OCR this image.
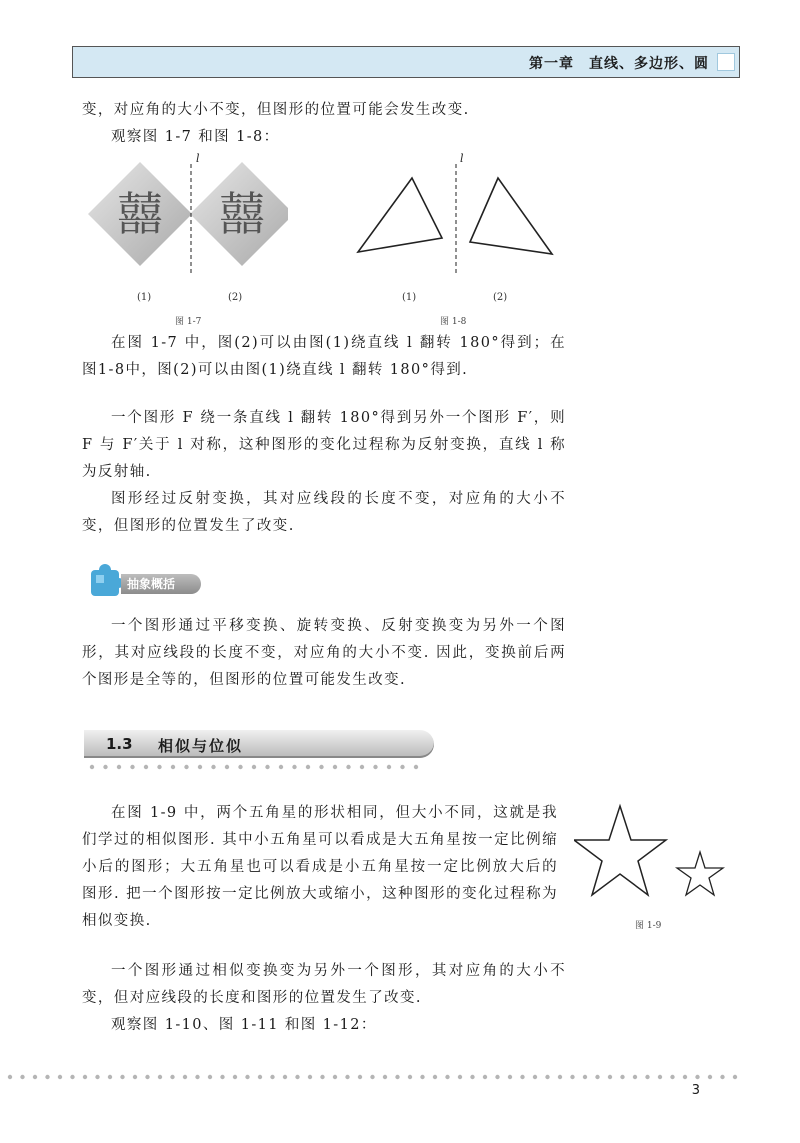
第一章　直线、多边形、圆

变，对应角的大小不变，但图形的位置可能会发生改变.

观察图 1-7 和图 1-8：

囍 囍
l
(1)	(2)
图 1-7
l
(1)	(2)
图 1-8

在图 1-7 中，图(2)可以由图(1)绕直线 l 翻转 180°得到；在图1-8中，图(2)可以由图(1)绕直线 l 翻转 180°得到.

一个图形 F 绕一条直线 l 翻转 180°得到另外一个图形 F′，则 F 与 F′关于 l 对称，这种图形的变化过程称为反射变换，直线 l 称为反射轴.

图形经过反射变换，其对应线段的长度不变，对应角的大小不变，但图形的位置发生了改变.

抽象概括

一个图形通过平移变换、旋转变换、反射变换变为另外一个图形，其对应线段的长度不变，对应角的大小不变. 因此，变换前后两个图形是全等的，但图形的位置可能发生改变.

1.3 相似与位似

在图 1-9 中，两个五角星的形状相同，但大小不同，这就是我们学过的相似图形. 其中小五角星可以看成是大五角星按一定比例缩小后的图形；大五角星也可以看成是小五角星按一定比例放大后的图形. 把一个图形按一定比例放大或缩小，这种图形的变化过程称为相似变换.	图 1-9

一个图形通过相似变换变为另外一个图形，其对应角的大小不变，但对应线段的长度和图形的位置发生了改变.

观察图 1-10、图 1-11 和图 1-12：

3
